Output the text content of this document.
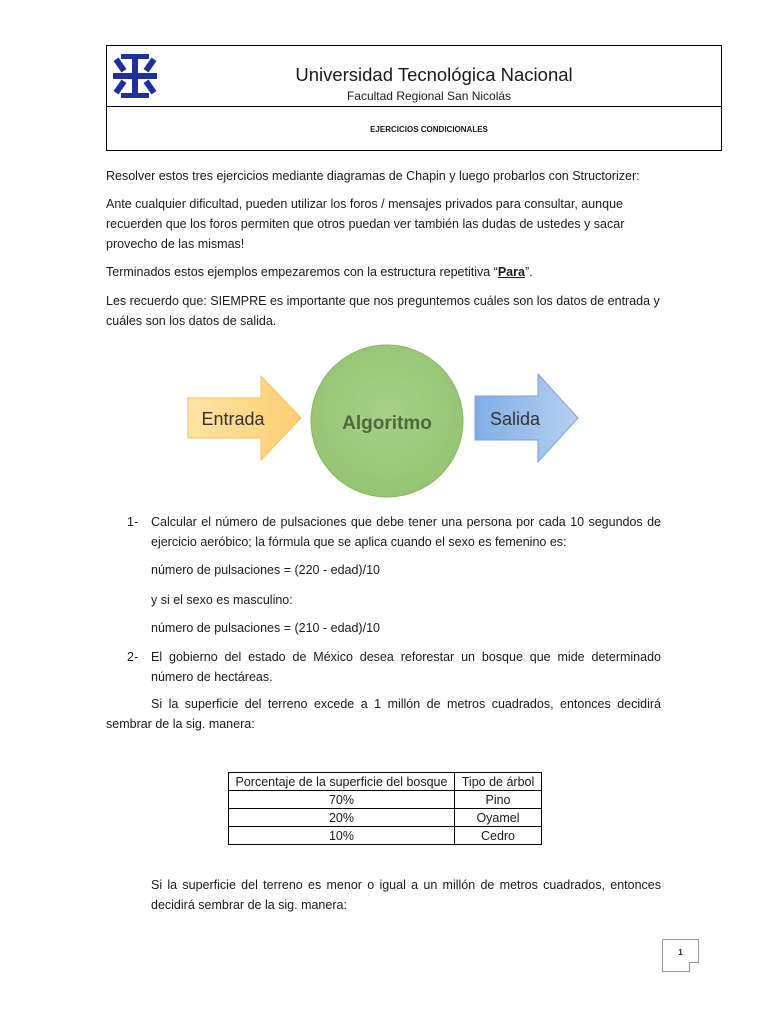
Universidad Tecnológica Nacional
Facultad Regional San Nicolás
EJERCICIOS CONDICIONALES

Resolver estos tres ejercicios mediante diagramas de Chapin y luego probarlos con Structorizer:

Ante cualquier dificultad, pueden utilizar los foros / mensajes privados para consultar, aunque recuerden que los foros permiten que otros puedan ver también las dudas de ustedes y sacar provecho de las mismas!

Terminados estos ejemplos empezaremos con la estructura repetitiva “Para”.

Les recuerdo que: SIEMPRE es importante que nos preguntemos cuáles son los datos de entrada y cuáles son los datos de salida.

Entrada	Algoritmo	Salida
1- Calcular el número de pulsaciones que debe tener una persona por cada 10 segundos de ejercicio aeróbico; la fórmula que se aplica cuando el sexo es femenino es:

número de pulsaciones = (220 - edad)/10

y si el sexo es masculino:

número de pulsaciones = (210 - edad)/10

2- El gobierno del estado de México desea reforestar un bosque que mide determinado número de hectáreas.

Si la superficie del terreno excede a 1 millón de metros cuadrados, entonces decidirá sembrar de la sig. manera:

Porcentaje de la superficie del bosque	Tipo de árbol
70%	Pino
20%	Oyamel
10%	Cedro

Si la superficie del terreno es menor o igual a un millón de metros cuadrados, entonces decidirá sembrar de la sig. manera:

1
